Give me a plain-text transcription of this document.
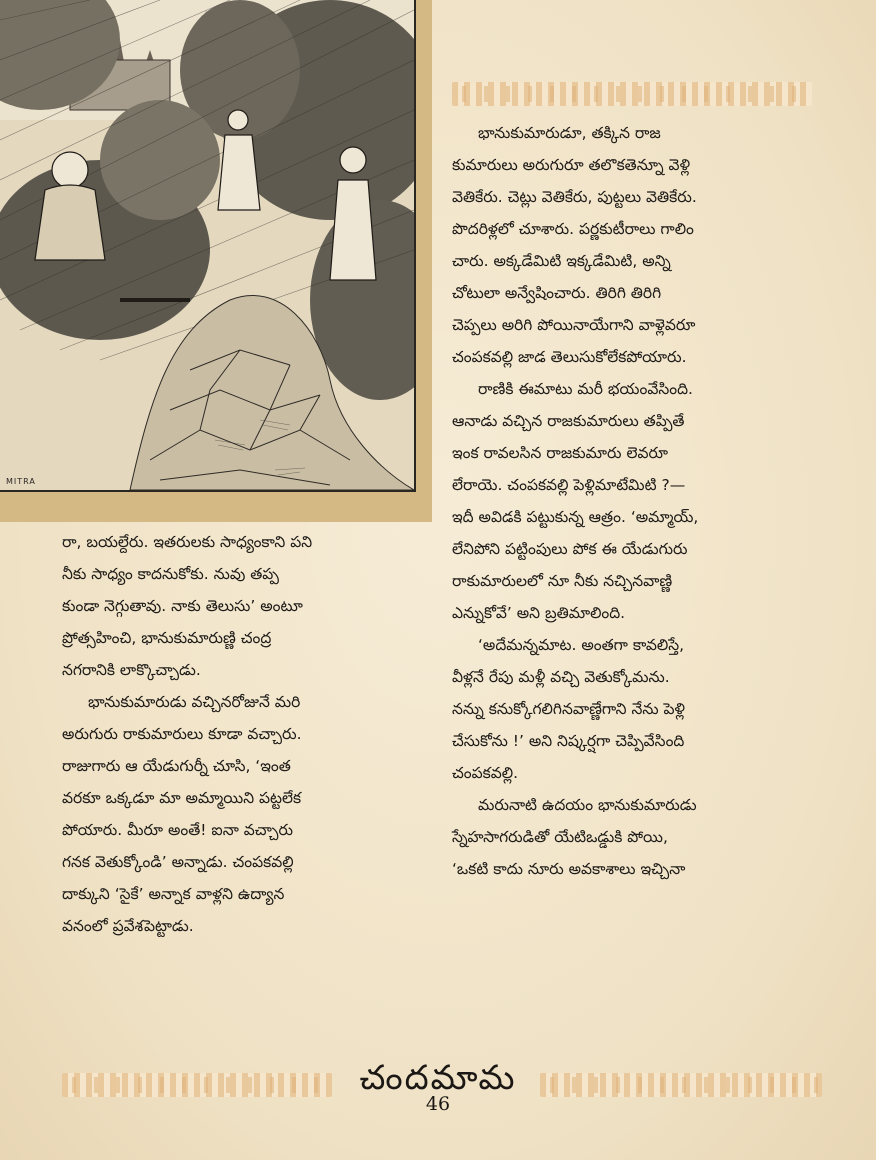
MITRA
భానుకుమారుడూ, తక్కిన రాజ
కుమారులు అరుగురూ తలొకతెన్నూ వెళ్లి
వెతికేరు. చెట్లు వెతికేరు, పుట్టలు వెతికేరు.
పొదరిళ్లలో చూశారు. పర్ణకుటీరాలు గాలిం
చారు. అక్కడేమిటి ఇక్కడేమిటి, అన్ని
చోటులా అన్వేషించారు. తిరిగి తిరిగి
చెప్పలు అరిగి పోయినాయేగాని వాళ్లెవరూ
చంపకవల్లి జాడ తెలుసుకోలేకపోయారు.
రాణికి ఈమాటు మరీ భయంవేసింది.
ఆనాడు వచ్చిన రాజకుమారులు తప్పితే
ఇంక రావలసిన రాజకుమారు లెవరూ
లేరాయె. చంపకవల్లి పెళ్లిమాటేమిటి ?—
ఇదీ అవిడకి పట్టుకున్న ఆత్రం. ‘అమ్మాయ్,
లేనిపోని పట్టింపులు పోక ఈ యేడుగురు
రాకుమారులలో నూ నీకు నచ్చినవాణ్ణి
ఎన్నుకోవే’ అని బ్రతిమాలింది.
‘అదేమన్నమాట. అంతగా కావలిస్తే,
వీళ్లనే రేపు మళ్లీ వచ్చి వెతుక్కోమను.
నన్ను కనుక్కోగలిగినవాణ్ణేగాని నేను పెళ్లి
చేసుకోను !’ అని నిష్కర్షగా చెప్పివేసింది
చంపకవల్లి.
మరునాటి ఉదయం భానుకుమారుడు
స్నేహసాగరుడితో యేటిఒడ్డుకి పోయి,
‘ఒకటి కాదు నూరు అవకాశాలు ఇచ్చినా
రా, బయల్దేరు. ఇతరులకు సాధ్యంకాని పని
నీకు సాధ్యం కాదనుకోకు. నువు తప్ప
కుండా నెగ్గుతావు. నాకు తెలుసు’ అంటూ
ప్రోత్సహించి, భానుకుమారుణ్ణి చంద్ర
నగరానికి లాక్కొచ్చాడు.
భానుకుమారుడు వచ్చినరోజునే మరి
అరుగురు రాకుమారులు కూడా వచ్చారు.
రాజుగారు ఆ యేడుగుర్నీ చూసి, ‘ఇంత
వరకూ ఒక్కడూ మా అమ్మాయిని పట్టలేక
పోయారు. మీరూ అంతే! ఐనా వచ్చారు
గనక వెతుక్కోండి’ అన్నాడు. చంపకవల్లి
దాక్కుని ‘సైకే’ అన్నాక వాళ్లని ఉద్యాన
వనంలో ప్రవేశపెట్టాడు.
చందమామ
46
